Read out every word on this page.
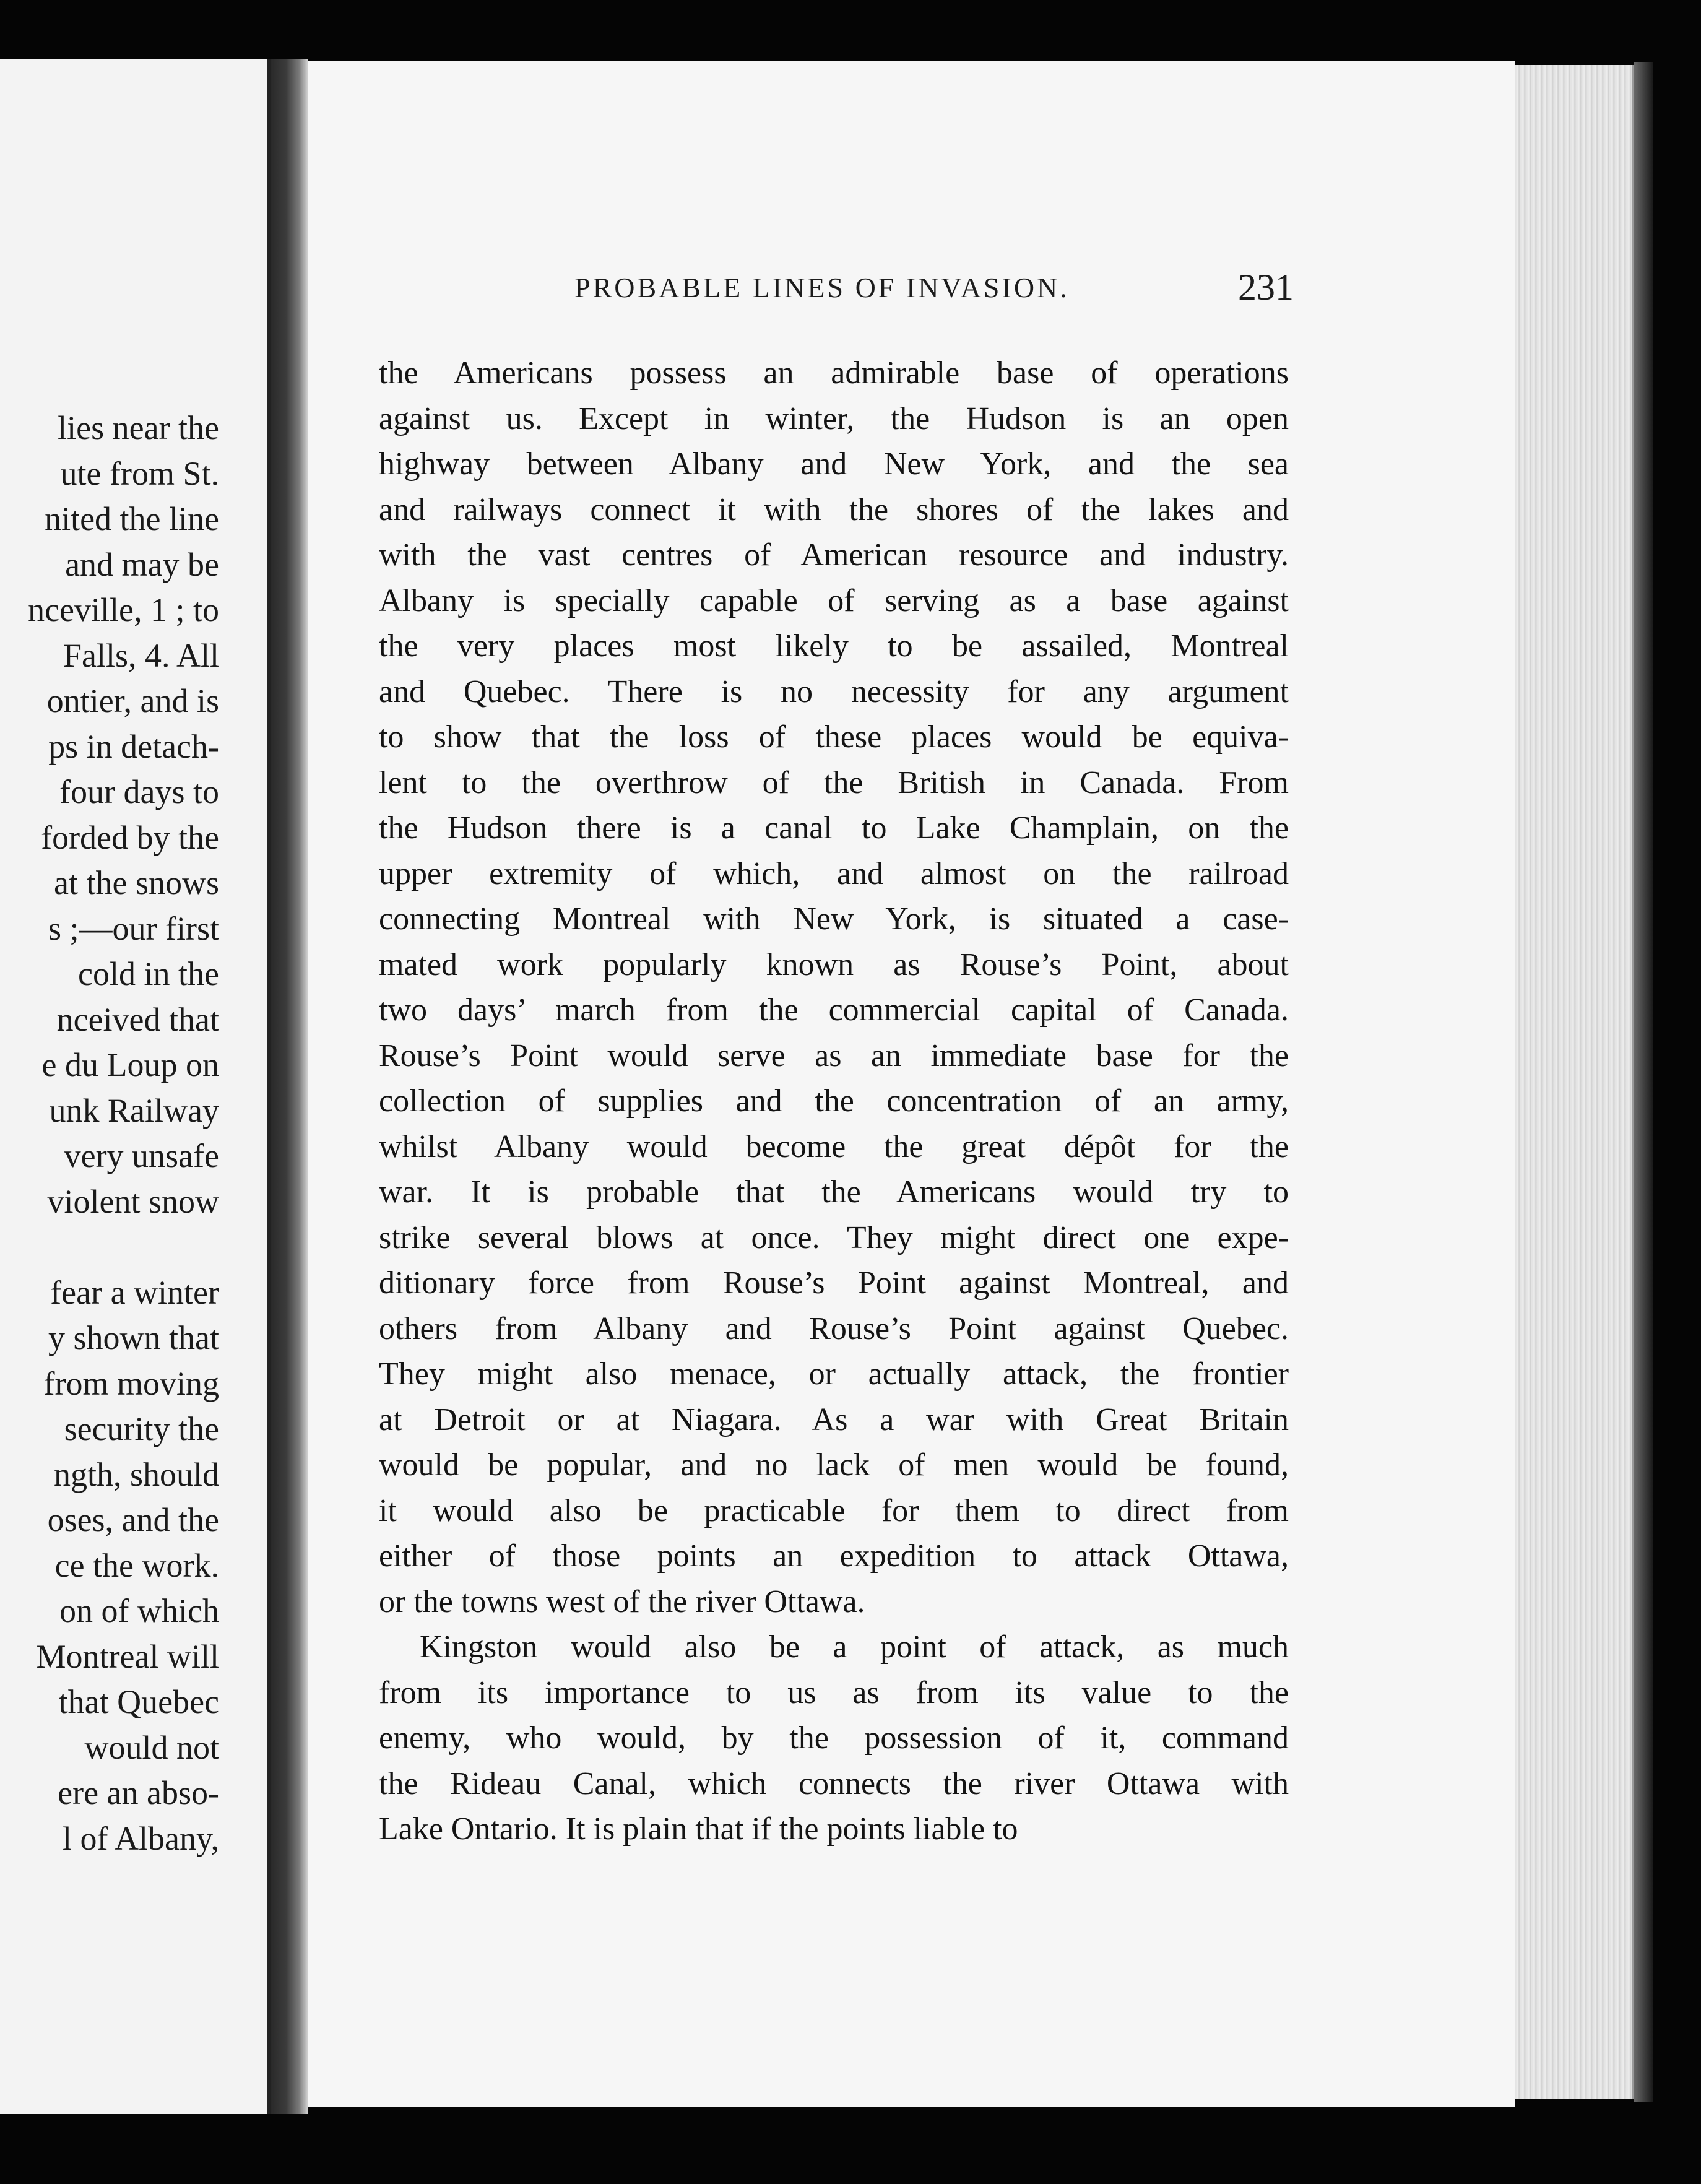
lies near the
ute from St.
nited the line
and may be
nceville, 1 ; to
Falls, 4. All
ontier, and is
ps in detach-
four days to
forded by the
at the snows
s ;—our first
cold in the
nceived that
e du Loup on
unk Railway
very unsafe
violent snow
fear a winter
y shown that
from moving
security the
ngth, should
oses, and the
ce the work.
on of which
Montreal will
that Quebec
would not
ere an abso-
l of Albany,
PROBABLE LINES OF INVASION.	231
the Americans possess an admirable base of operations
against us. Except in winter, the Hudson is an open
highway between Albany and New York, and the sea
and railways connect it with the shores of the lakes and
with the vast centres of American resource and industry.
Albany is specially capable of serving as a base against
the very places most likely to be assailed, Montreal
and Quebec. There is no necessity for any argument
to show that the loss of these places would be equiva-
lent to the overthrow of the British in Canada. From
the Hudson there is a canal to Lake Champlain, on the
upper extremity of which, and almost on the railroad
connecting Montreal with New York, is situated a case-
mated work popularly known as Rouse’s Point, about
two days’ march from the commercial capital of Canada.
Rouse’s Point would serve as an immediate base for the
collection of supplies and the concentration of an army,
whilst Albany would become the great dépôt for the
war. It is probable that the Americans would try to
strike several blows at once. They might direct one expe-
ditionary force from Rouse’s Point against Montreal, and
others from Albany and Rouse’s Point against Quebec.
They might also menace, or actually attack, the frontier
at Detroit or at Niagara. As a war with Great Britain
would be popular, and no lack of men would be found,
it would also be practicable for them to direct from
either of those points an expedition to attack Ottawa,
or the towns west of the river Ottawa.
Kingston would also be a point of attack, as much
from its importance to us as from its value to the
enemy, who would, by the possession of it, command
the Rideau Canal, which connects the river Ottawa with
Lake Ontario. It is plain that if the points liable to
